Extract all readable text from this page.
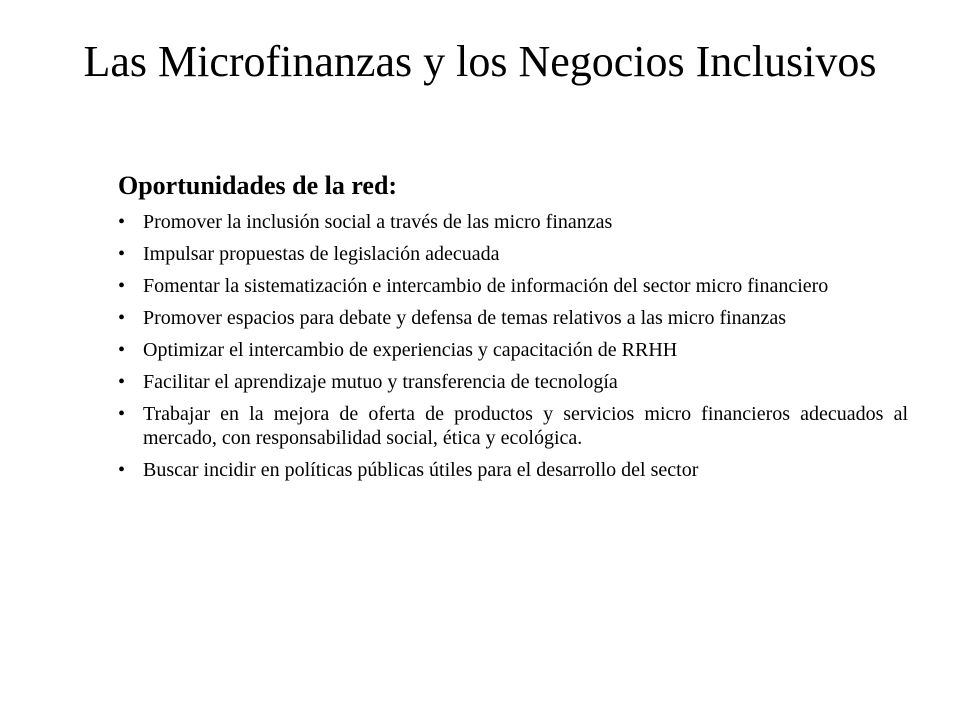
Las Microfinanzas y los Negocios Inclusivos
Oportunidades de la red:
• Promover la inclusión social a través de las micro finanzas
• Impulsar propuestas de legislación adecuada
• Fomentar la sistematización e intercambio de información del sector micro financiero
• Promover espacios para debate y defensa de temas relativos a las micro finanzas
• Optimizar el intercambio de experiencias y capacitación de RRHH
• Facilitar el aprendizaje mutuo y transferencia de tecnología
• Trabajar en la mejora de oferta de productos y servicios micro financieros adecuados al mercado, con responsabilidad social, ética y ecológica.
• Buscar incidir en políticas públicas útiles para el desarrollo del sector
